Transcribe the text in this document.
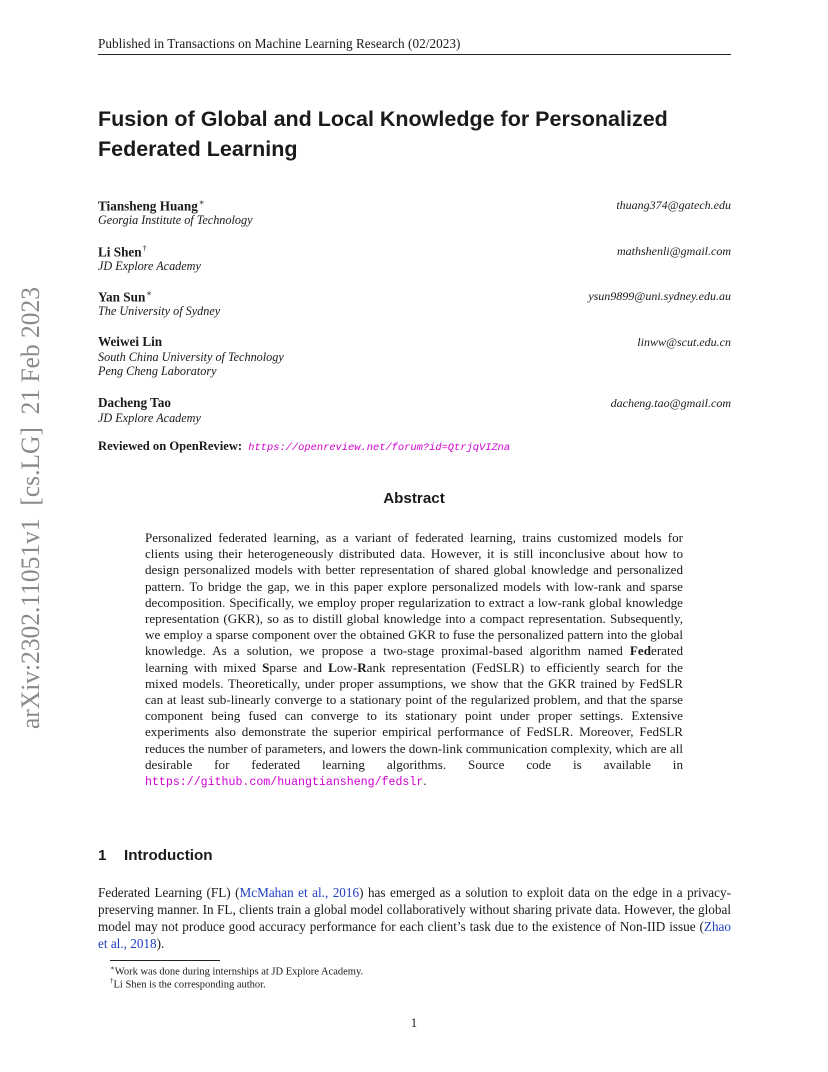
arXiv:2302.11051v1  [cs.LG]  21 Feb 2023
Published in Transactions on Machine Learning Research (02/2023)
Fusion of Global and Local Knowledge for Personalized
Federated Learning
Tiansheng Huang∗	thuang374@gatech.edu
Georgia Institute of Technology
Li Shen†	mathshenli@gmail.com
JD Explore Academy
Yan Sun∗	ysun9899@uni.sydney.edu.au
The University of Sydney
Weiwei Lin	linww@scut.edu.cn
South China University of Technology
Peng Cheng Laboratory
Dacheng Tao	dacheng.tao@gmail.com
JD Explore Academy
Reviewed on OpenReview: https://openreview.net/forum?id=QtrjqVIZna
Abstract
Personalized federated learning, as a variant of federated learning, trains customized models for clients using their heterogeneously distributed data. However, it is still inconclusive about how to design personalized models with better representation of shared global knowledge and personalized pattern. To bridge the gap, we in this paper explore personalized models with low-rank and sparse decomposition. Specifically, we employ proper regularization to extract a low-rank global knowledge representation (GKR), so as to distill global knowledge into a compact representation. Subsequently, we employ a sparse component over the obtained GKR to fuse the personalized pattern into the global knowledge. As a solution, we propose a two-stage proximal-based algorithm named Federated learning with mixed Sparse and Low-Rank representation (FedSLR) to efficiently search for the mixed models. Theoretically, under proper assumptions, we show that the GKR trained by FedSLR can at least sub-linearly converge to a stationary point of the regularized problem, and that the sparse component being fused can converge to its stationary point under proper settings. Extensive experiments also demonstrate the superior empirical performance of FedSLR. Moreover, FedSLR reduces the number of parameters, and lowers the down-link communication complexity, which are all desirable for federated learning algorithms. Source code is available in https://github.com/huangtiansheng/fedslr.
1 Introduction
Federated Learning (FL) (McMahan et al., 2016) has emerged as a solution to exploit data on the edge in a privacy-preserving manner. In FL, clients train a global model collaboratively without sharing private data. However, the global model may not produce good accuracy performance for each client’s task due to the existence of Non-IID issue (Zhao et al., 2018).
∗Work was done during internships at JD Explore Academy.
†Li Shen is the corresponding author.
1
